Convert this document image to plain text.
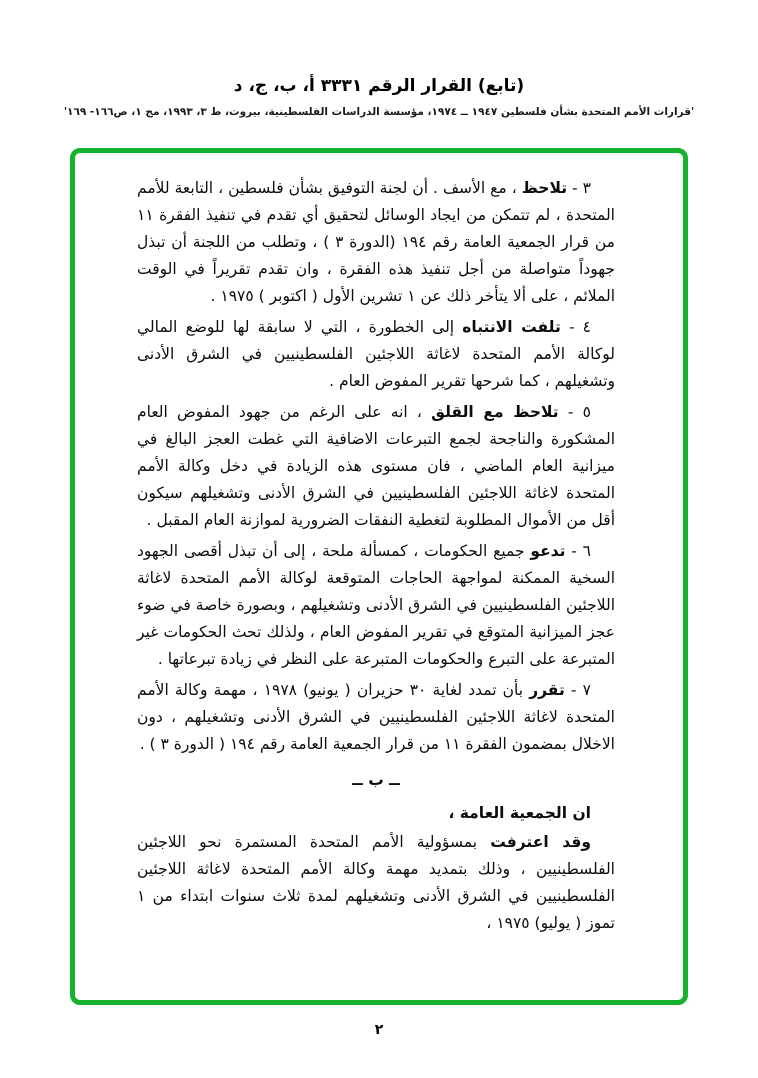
(تابع) القرار الرقم ٣٣٣١ أ، ب، ج، د
'قرارات الأمم المتحدة بشأن فلسطين ١٩٤٧ ــ ١٩٧٤، مؤسسة الدراسات الفلسطينية، بيروت، ط ٣، ١٩٩٣، مج ١، ص١٦٦- ١٦٩'

٣ - تلاحظ ، مع الأسف . أن لجنة التوفيق بشأن فلسطين ، التابعة للأمم المتحدة ، لم تتمكن من ايجاد الوسائل لتحقيق أي تقدم في تنفيذ الفقرة ١١ من قرار الجمعية العامة رقم ١٩٤ (الدورة ٣ ) ، وتطلب من اللجنة أن تبذل جهوداً متواصلة من أجل تنفيذ هذه الفقرة ، وان تقدم تقريراً في الوقت الملائم ، على ألا يتأخر ذلك عن ١ تشرين الأول ( اكتوبر ) ١٩٧٥ .

٤ - تلفت الانتباه إلى الخطورة ، التي لا سابقة لها للوضع المالي لوكالة الأمم المتحدة لاغاثة اللاجئين الفلسطينيين في الشرق الأدنى وتشغيلهم ، كما شرحها تقرير المفوض العام .

٥ - تلاحظ مع القلق ، انه على الرغم من جهود المفوض العام المشكورة والناجحة لجمع التبرعات الاضافية التي غطت العجز البالغ في ميزانية العام الماضي ، فان مستوى هذه الزيادة في دخل وكالة الأمم المتحدة لاغاثة اللاجئين الفلسطينيين في الشرق الأدنى وتشغيلهم سيكون أقل من الأموال المطلوبة لتغطية النفقات الضرورية لموازنة العام المقبل .

٦ - تدعو جميع الحكومات ، كمسألة ملحة ، إلى أن تبذل أقصى الجهود السخية الممكنة لمواجهة الحاجات المتوقعة لوكالة الأمم المتحدة لاغاثة اللاجئين الفلسطينيين في الشرق الأدنى وتشغيلهم ، وبصورة خاصة في ضوء عجز الميزانية المتوقع في تقرير المفوض العام ، ولذلك تحث الحكومات غير المتبرعة على التبرع والحكومات المتبرعة على النظر في زيادة تبرعاتها .

٧ - تقرر بأن تمدد لغاية ٣٠ حزيران ( يونيو) ١٩٧٨ ، مهمة وكالة الأمم المتحدة لاغاثة اللاجئين الفلسطينيين في الشرق الأدنى وتشغيلهم ، دون الاخلال بمضمون الفقرة ١١ من قرار الجمعية العامة رقم ١٩٤ ( الدورة ٣ ) .

ــ ب ــ

ان الجمعية العامة ،

وقد اعترفت بمسؤولية الأمم المتحدة المستمرة نحو اللاجئين الفلسطينيين ، وذلك بتمديد مهمة وكالة الأمم المتحدة لاغاثة اللاجئين الفلسطينيين في الشرق الأدنى وتشغيلهم لمدة ثلاث سنوات ابتداء من ١ تموز ( يوليو) ١٩٧٥ ،

٢
